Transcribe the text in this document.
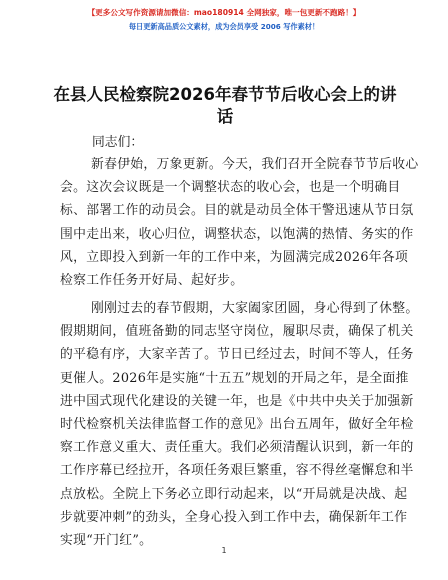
【更多公文写作资源请加微信：mao180914 全网独家，唯一包更新不跑路！】
每日更新高品质公文素材，成为会员享受 2006 写作素材！
在县人民检察院2026年春节节后收心会上的讲
话
同志们：
新春伊始，万象更新。今天，我们召开全院春节节后收心
会。这次会议既是一个调整状态的收心会，也是一个明确目
标、部署工作的动员会。目的就是动员全体干警迅速从节日氛
围中走出来，收心归位，调整状态，以饱满的热情、务实的作
风，立即投入到新一年的工作中来，为圆满完成2026年各项
检察工作任务开好局、起好步。
刚刚过去的春节假期，大家阖家团圆，身心得到了休整。
假期期间，值班备勤的同志坚守岗位，履职尽责，确保了机关
的平稳有序，大家辛苦了。节日已经过去，时间不等人，任务
更催人。2026年是实施“十五五”规划的开局之年，是全面推
进中国式现代化建设的关键一年，也是《中共中央关于加强新
时代检察机关法律监督工作的意见》出台五周年，做好全年检
察工作意义重大、责任重大。我们必须清醒认识到，新一年的
工作序幕已经拉开，各项任务艰巨繁重，容不得丝毫懈怠和半
点放松。全院上下务必立即行动起来，以“开局就是决战、起
步就要冲刺”的劲头，全身心投入到工作中去，确保新年工作
实现“开门红”。
1
